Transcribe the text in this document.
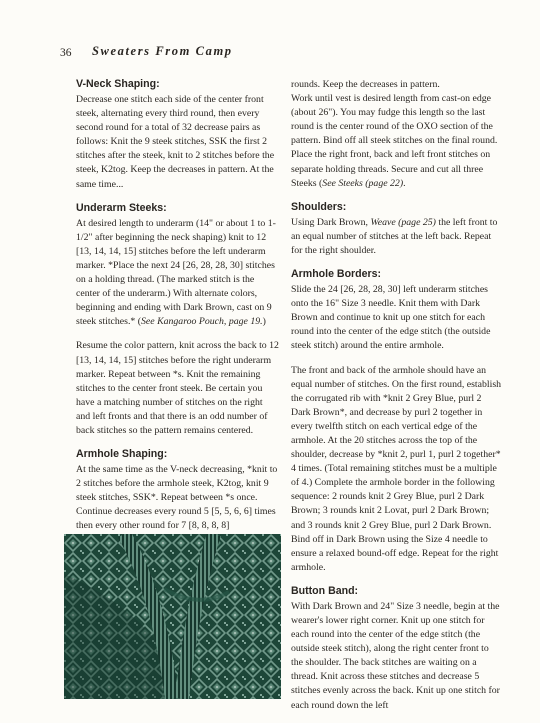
36 Sweaters From Camp
V-Neck Shaping:

Decrease one stitch each side of the center front steek, alternating every third round, then every second round for a total of 32 decrease pairs as follows: Knit the 9 steek stitches, SSK the first 2 stitches after the steek, knit to 2 stitches before the steek, K2tog. Keep the decreases in pattern. At the same time...

Underarm Steeks:

At desired length to underarm (14" or about 1 to 1-1/2" after beginning the neck shaping) knit to 12 [13, 14, 14, 15] stitches before the left underarm marker. *Place the next 24 [26, 28, 28, 30] stitches on a holding thread. (The marked stitch is the center of the underarm.) With alternate colors, beginning and ending with Dark Brown, cast on 9 steek stitches.* (See Kangaroo Pouch, page 19.)

Resume the color pattern, knit across the back to 12 [13, 14, 14, 15] stitches before the right underarm marker. Repeat between *s. Knit the remaining stitches to the center front steek. Be certain you have a matching number of stitches on the right and left fronts and that there is an odd number of back stitches so the pattern remains centered.

Armhole Shaping:

At the same time as the V-neck decreasing, *knit to 2 stitches before the armhole steek, K2tog, knit 9 steek stitches, SSK*. Repeat between *s once. Continue decreases every round 5 [5, 5, 6, 6] times then every other round for 7 [8, 8, 8, 8]

rounds. Keep the decreases in pattern.

Work until vest is desired length from cast-on edge (about 26"). You may fudge this length so the last round is the center round of the OXO section of the pattern. Bind off all steek stitches on the final round. Place the right front, back and left front stitches on separate holding threads. Secure and cut all three Steeks (See Steeks (page 22).

Shoulders:

Using Dark Brown, Weave (page 25) the left front to an equal number of stitches at the left back. Repeat for the right shoulder.

Armhole Borders:

Slide the 24 [26, 28, 28, 30] left underarm stitches onto the 16" Size 3 needle. Knit them with Dark Brown and continue to knit up one stitch for each round into the center of the edge stitch (the outside steek stitch) around the entire armhole.

The front and back of the armhole should have an equal number of stitches. On the first round, establish the corrugated rib with *knit 2 Grey Blue, purl 2 Dark Brown*, and decrease by purl 2 together in every twelfth stitch on each vertical edge of the armhole. At the 20 stitches across the top of the shoulder, decrease by *knit 2, purl 1, purl 2 together* 4 times. (Total remaining stitches must be a multiple of 4.) Complete the armhole border in the following sequence: 2 rounds knit 2 Grey Blue, purl 2 Dark Brown; 3 rounds knit 2 Lovat, purl 2 Dark Brown; and 3 rounds knit 2 Grey Blue, purl 2 Dark Brown. Bind off in Dark Brown using the Size 4 needle to ensure a relaxed bound-off edge. Repeat for the right armhole.

Button Band:

With Dark Brown and 24" Size 3 needle, begin at the wearer's lower right corner. Knit up one stitch for each round into the center of the edge stitch (the outside steek stitch), along the right center front to the shoulder. The back stitches are waiting on a thread. Knit across these stitches and decrease 5 stitches evenly across the back. Knit up one stitch for each round down the left
